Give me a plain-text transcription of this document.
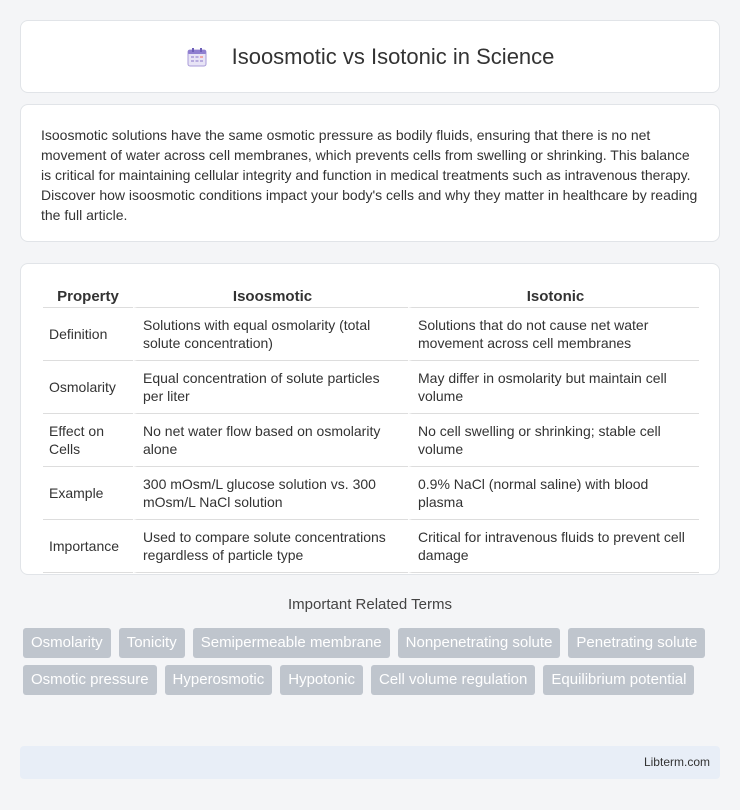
Isoosmotic vs Isotonic in Science

Isoosmotic solutions have the same osmotic pressure as bodily fluids, ensuring that there is no net movement of water across cell membranes, which prevents cells from swelling or shrinking. This balance is critical for maintaining cellular integrity and function in medical treatments such as intravenous therapy. Discover how isoosmotic conditions impact your body's cells and why they matter in healthcare by reading the full article.

Property	Isoosmotic	Isotonic
Definition	Solutions with equal osmolarity (total solute concentration)	Solutions that do not cause net water movement across cell membranes
Osmolarity	Equal concentration of solute particles per liter	May differ in osmolarity but maintain cell volume
Effect on Cells	No net water flow based on osmolarity alone	No cell swelling or shrinking; stable cell volume
Example	300 mOsm/L glucose solution vs. 300 mOsm/L NaCl solution	0.9% NaCl (normal saline) with blood plasma
Importance	Used to compare solute concentrations regardless of particle type	Critical for intravenous fluids to prevent cell damage
Important Related Terms
Osmolarity	Tonicity	Semipermeable membrane	Nonpenetrating solute	Penetrating solute
Osmotic pressure	Hyperosmotic	Hypotonic	Cell volume regulation	Equilibrium potential
Libterm.com
